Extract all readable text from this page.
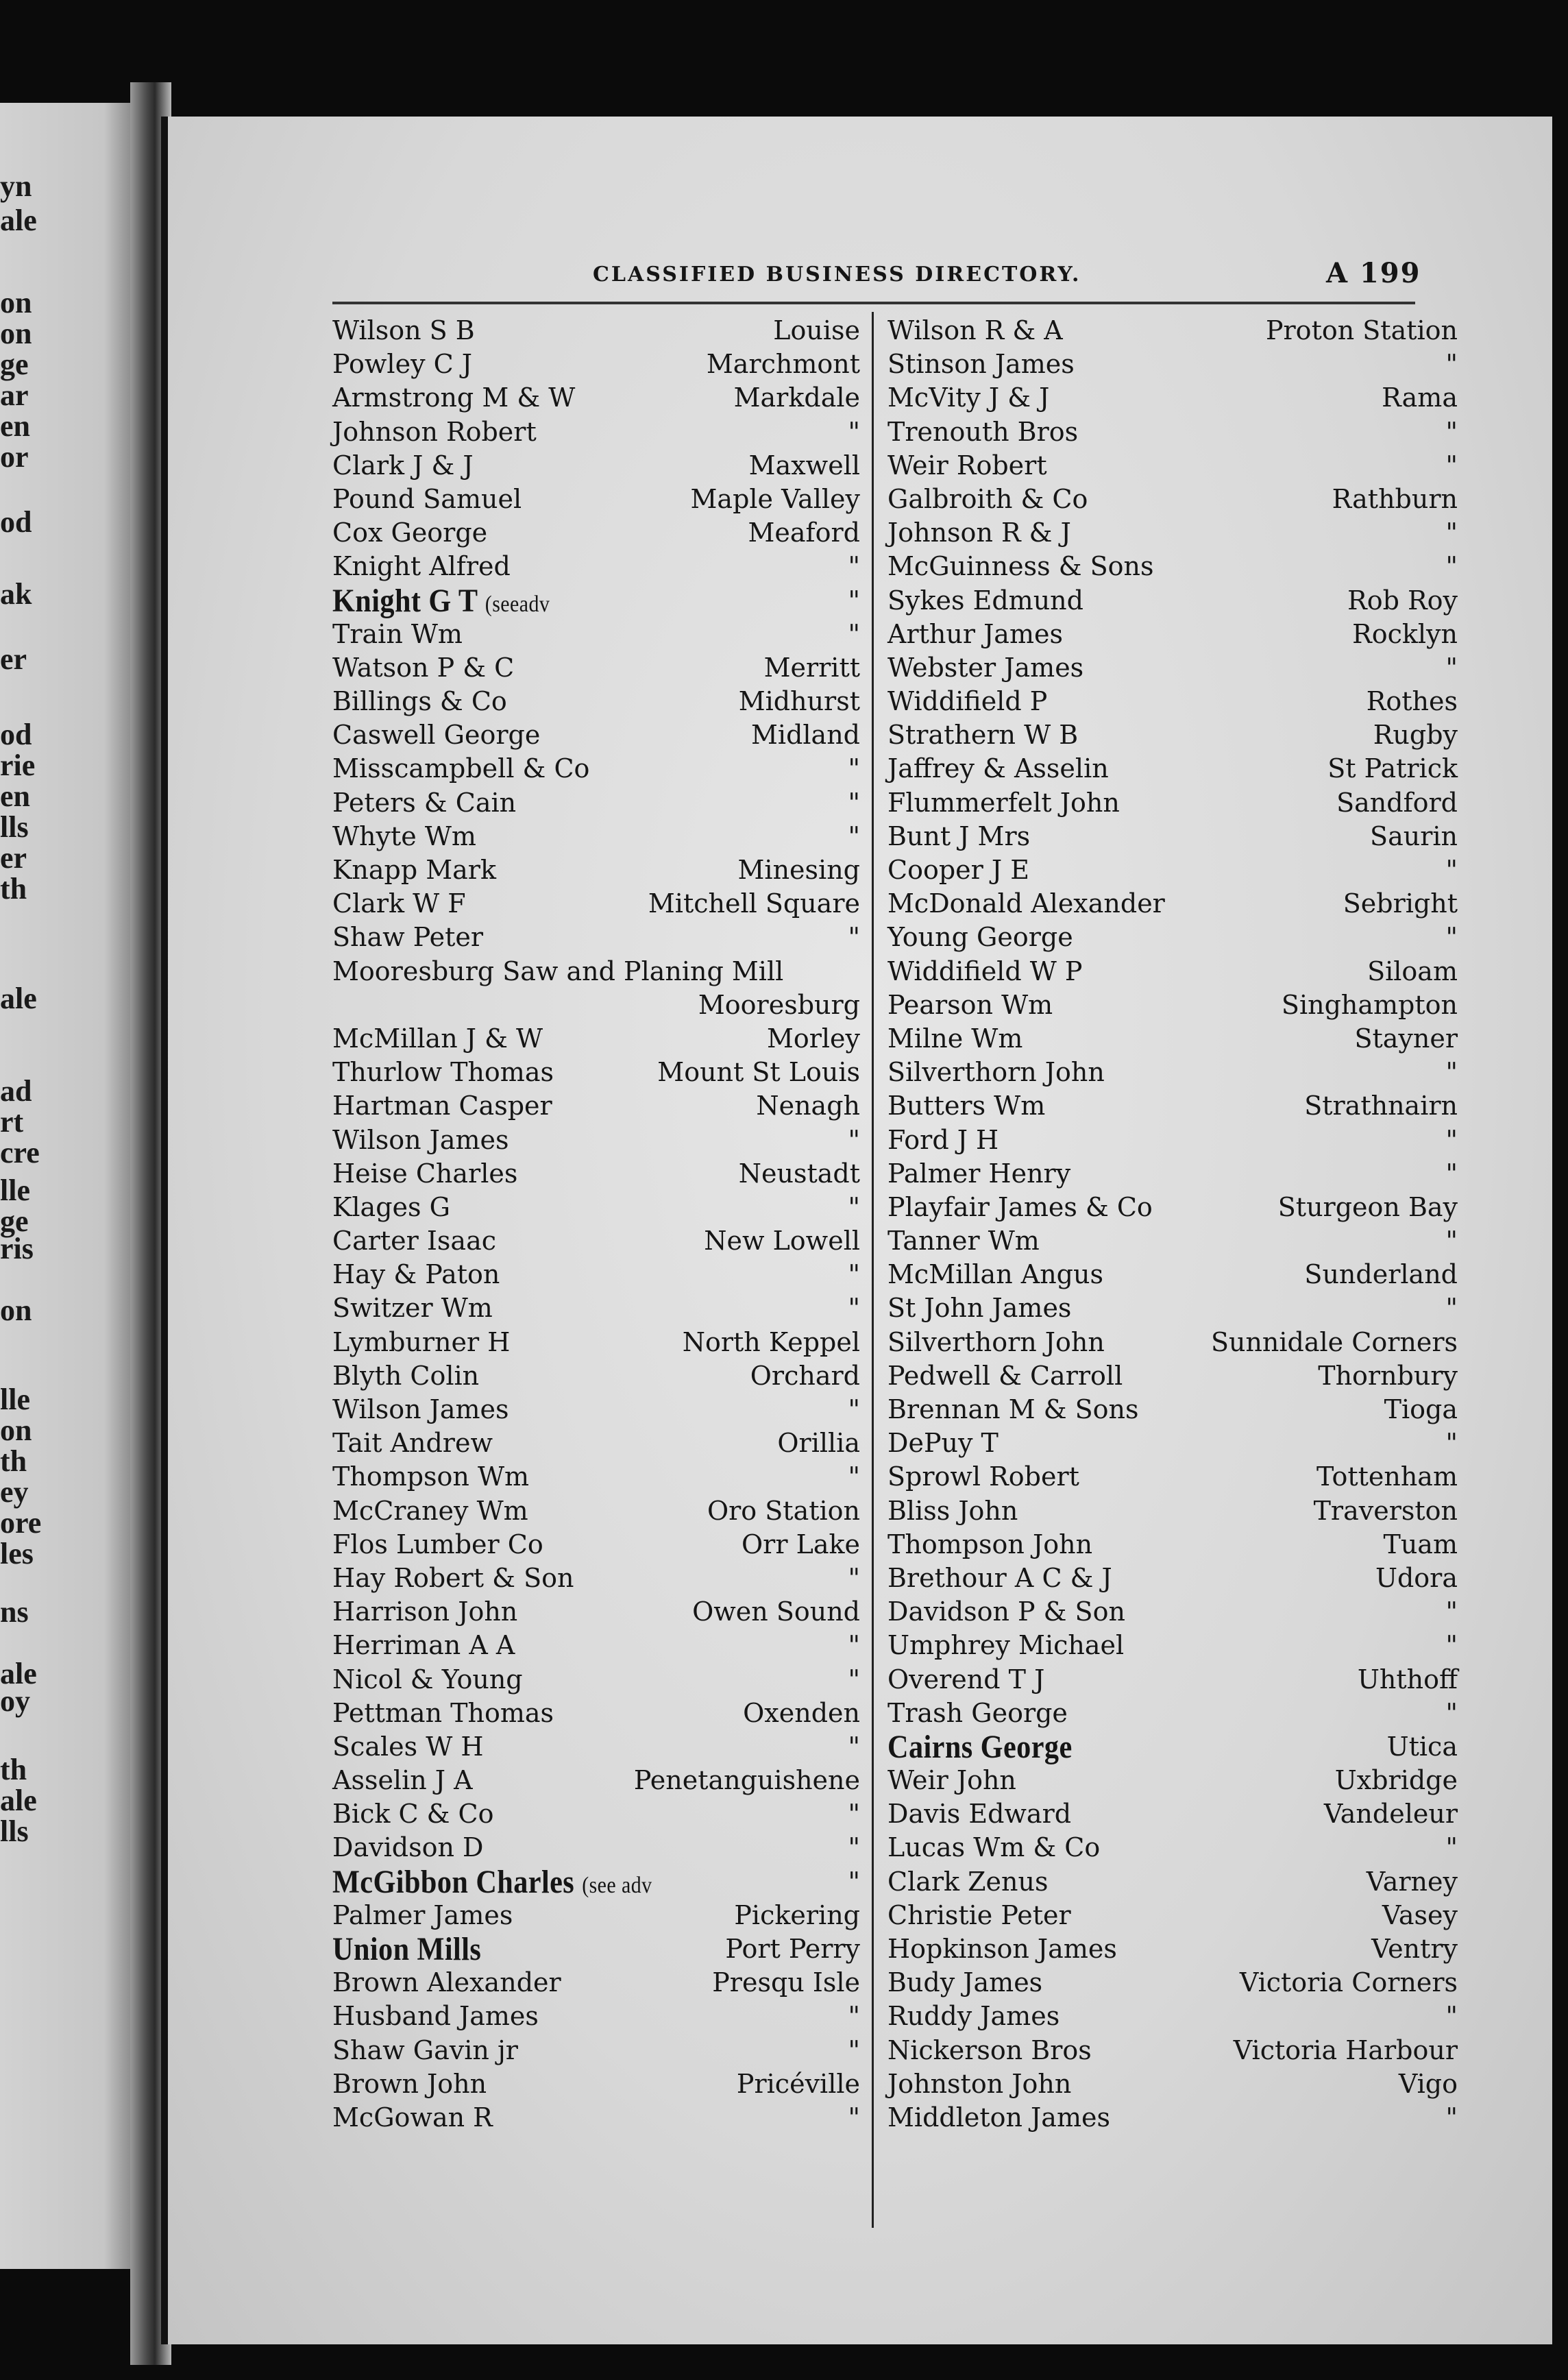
yn
ale
on
on
ge
ar
en
or
od
ak
er
od
rie
en
lls
er
th
ale
ad
rt
cre
lle
ge
ris
on
lle
on
th
ey
ore
les
ns
ale
oy
th
ale
lls
CLASSIFIED BUSINESS DIRECTORY.	A 199
Wilson S B	Louise
Powley C J	Marchmont
Armstrong M & W	Markdale
Johnson Robert	"
Clark J & J	Maxwell
Pound Samuel	Maple Valley
Cox George	Meaford
Knight Alfred	"
Knight G T (seeadv	"
Train Wm	"
Watson P & C	Merritt
Billings & Co	Midhurst
Caswell George	Midland
Misscampbell & Co	"
Peters & Cain	"
Whyte Wm	"
Knapp Mark	Minesing
Clark W F	Mitchell Square
Shaw Peter	"
Mooresburg Saw and Planing Mill
Mooresburg
McMillan J & W	Morley
Thurlow Thomas	Mount St Louis
Hartman Casper	Nenagh
Wilson James	"
Heise Charles	Neustadt
Klages G	"
Carter Isaac	New Lowell
Hay & Paton	"
Switzer Wm	"
Lymburner H	North Keppel
Blyth Colin	Orchard
Wilson James	"
Tait Andrew	Orillia
Thompson Wm	"
McCraney Wm	Oro Station
Flos Lumber Co	Orr Lake
Hay Robert & Son	"
Harrison John	Owen Sound
Herriman A A	"
Nicol & Young	"
Pettman Thomas	Oxenden
Scales W H	"
Asselin J A	Penetanguishene
Bick C & Co	"
Davidson D	"
McGibbon Charles (see adv	"
Palmer James	Pickering
Union Mills	Port Perry
Brown Alexander	Presqu Isle
Husband James	"
Shaw Gavin jr	"
Brown John	Pricéville
McGowan R	"
Wilson R & A	Proton Station
Stinson James	"
McVity J & J	Rama
Trenouth Bros	"
Weir Robert	"
Galbroith & Co	Rathburn
Johnson R & J	"
McGuinness & Sons	"
Sykes Edmund	Rob Roy
Arthur James	Rocklyn
Webster James	"
Widdifield P	Rothes
Strathern W B	Rugby
Jaffrey & Asselin	St Patrick
Flummerfelt John	Sandford
Bunt J Mrs	Saurin
Cooper J E	"
McDonald Alexander	Sebright
Young George	"
Widdifield W P	Siloam
Pearson Wm	Singhampton
Milne Wm	Stayner
Silverthorn John	"
Butters Wm	Strathnairn
Ford J H	"
Palmer Henry	"
Playfair James & Co	Sturgeon Bay
Tanner Wm	"
McMillan Angus	Sunderland
St John James	"
Silverthorn John	Sunnidale Corners
Pedwell & Carroll	Thornbury
Brennan M & Sons	Tioga
DePuy T	"
Sprowl Robert	Tottenham
Bliss John	Traverston
Thompson John	Tuam
Brethour A C & J	Udora
Davidson P & Son	"
Umphrey Michael	"
Overend T J	Uhthoff
Trash George	"
Cairns George	Utica
Weir John	Uxbridge
Davis Edward	Vandeleur
Lucas Wm & Co	"
Clark Zenus	Varney
Christie Peter	Vasey
Hopkinson James	Ventry
Budy James	Victoria Corners
Ruddy James	"
Nickerson Bros	Victoria Harbour
Johnston John	Vigo
Middleton James	"
